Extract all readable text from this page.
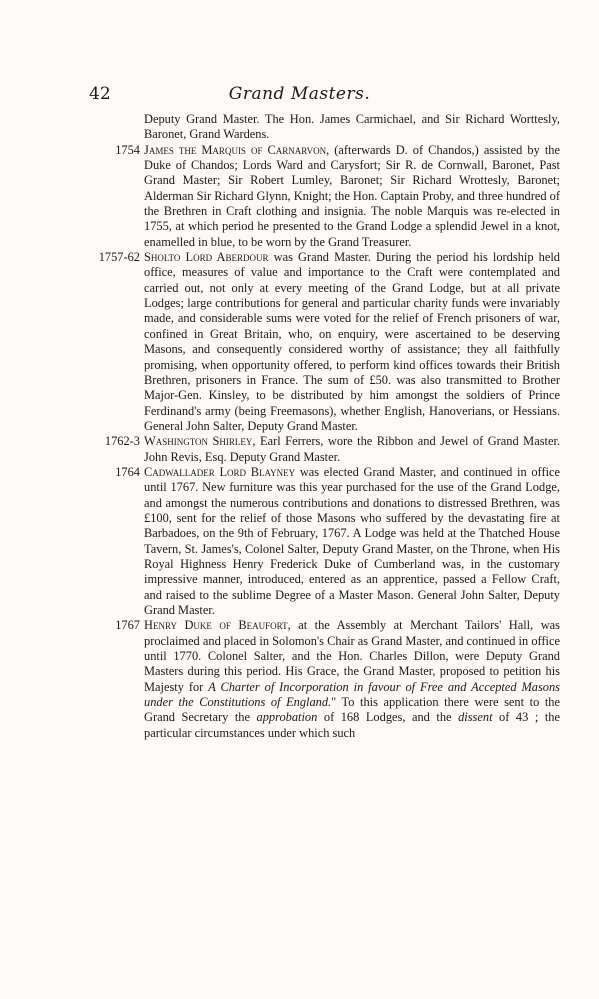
42	Grand Masters.

Deputy Grand Master. The Hon. James Carmichael, and Sir Richard Worttesly, Baronet, Grand Wardens.

1754 James the Marquis of Carnarvon, (afterwards D. of Chandos,) assisted by the Duke of Chandos; Lords Ward and Carysfort; Sir R. de Cornwall, Baronet, Past Grand Master; Sir Robert Lumley, Baronet; Sir Richard Wrottesly, Baronet; Alderman Sir Richard Glynn, Knight; the Hon. Captain Proby, and three hundred of the Brethren in Craft clothing and insignia. The noble Marquis was re-elected in 1755, at which period he presented to the Grand Lodge a splendid Jewel in a knot, enamelled in blue, to be worn by the Grand Treasurer.

1757-62 Sholto Lord Aberdour was Grand Master. During the period his lordship held office, measures of value and importance to the Craft were contemplated and carried out, not only at every meeting of the Grand Lodge, but at all private Lodges; large contributions for general and particular charity funds were invariably made, and considerable sums were voted for the relief of French prisoners of war, confined in Great Britain, who, on enquiry, were ascertained to be deserving Masons, and consequently considered worthy of assistance; they all faithfully promising, when opportunity offered, to perform kind offices towards their British Brethren, prisoners in France. The sum of £50. was also transmitted to Brother Major-Gen. Kinsley, to be distributed by him amongst the soldiers of Prince Ferdinand's army (being Freemasons), whether English, Hanoverians, or Hessians. General John Salter, Deputy Grand Master.

1762-3 Washington Shirley, Earl Ferrers, wore the Ribbon and Jewel of Grand Master. John Revis, Esq. Deputy Grand Master.

1764 Cadwallader Lord Blayney was elected Grand Master, and continued in office until 1767. New furniture was this year purchased for the use of the Grand Lodge, and amongst the numerous contributions and donations to distressed Brethren, was £100, sent for the relief of those Masons who suffered by the devastating fire at Barbadoes, on the 9th of February, 1767. A Lodge was held at the Thatched House Tavern, St. James's, Colonel Salter, Deputy Grand Master, on the Throne, when His Royal Highness Henry Frederick Duke of Cumberland was, in the customary impressive manner, introduced, entered as an apprentice, passed a Fellow Craft, and raised to the sublime Degree of a Master Mason. General John Salter, Deputy Grand Master.

1767 Henry Duke of Beaufort, at the Assembly at Merchant Tailors' Hall, was proclaimed and placed in Solomon's Chair as Grand Master, and continued in office until 1770. Colonel Salter, and the Hon. Charles Dillon, were Deputy Grand Masters during this period. His Grace, the Grand Master, proposed to petition his Majesty for A Charter of Incorporation in favour of Free and Accepted Masons under the Constitutions of England." To this application there were sent to the Grand Secretary the approbation of 168 Lodges, and the dissent of 43 ; the particular circumstances under which such
